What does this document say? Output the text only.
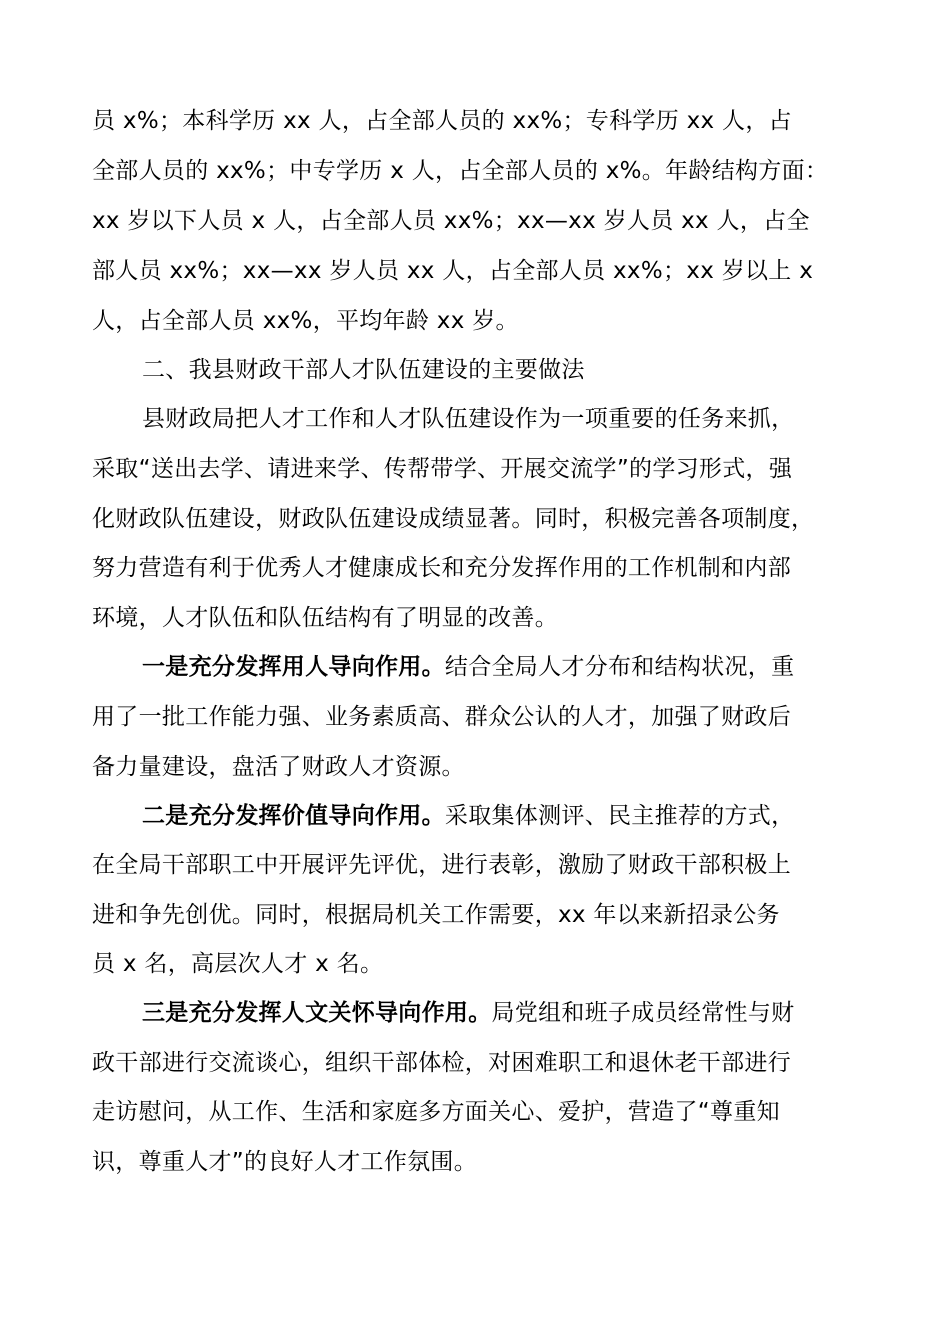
员 x%；本科学历 xx 人，占全部人员的 xx%；专科学历 xx 人，占
全部人员的 xx%；中专学历 x 人，占全部人员的 x%。年龄结构方面：
xx 岁以下人员 x 人，占全部人员 xx%；xx—xx 岁人员 xx 人，占全
部人员 xx%；xx—xx 岁人员 xx 人，占全部人员 xx%；xx 岁以上 x
人，占全部人员 xx%，平均年龄 xx 岁。
二、我县财政干部人才队伍建设的主要做法
县财政局把人才工作和人才队伍建设作为一项重要的任务来抓，
采取“送出去学、请进来学、传帮带学、开展交流学”的学习形式，强
化财政队伍建设，财政队伍建设成绩显著。同时，积极完善各项制度，
努力营造有利于优秀人才健康成长和充分发挥作用的工作机制和内部
环境，人才队伍和队伍结构有了明显的改善。
一是充分发挥用人导向作用。结合全局人才分布和结构状况，重
用了一批工作能力强、业务素质高、群众公认的人才，加强了财政后
备力量建设，盘活了财政人才资源。
二是充分发挥价值导向作用。采取集体测评、民主推荐的方式，
在全局干部职工中开展评先评优，进行表彰，激励了财政干部积极上
进和争先创优。同时，根据局机关工作需要，xx 年以来新招录公务
员 x 名，高层次人才 x 名。
三是充分发挥人文关怀导向作用。局党组和班子成员经常性与财
政干部进行交流谈心，组织干部体检，对困难职工和退休老干部进行
走访慰问，从工作、生活和家庭多方面关心、爱护，营造了“尊重知
识，尊重人才”的良好人才工作氛围。
